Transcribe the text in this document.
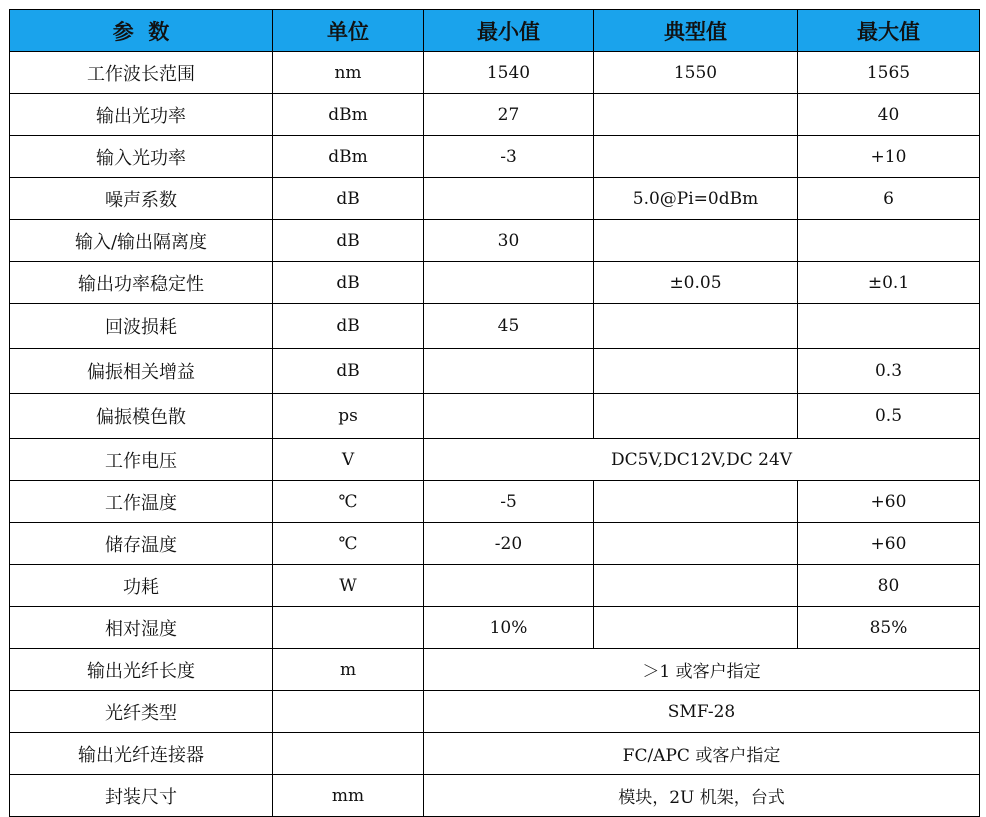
参  数	单位	最小值	典型值	最大值
工作波长范围	nm	1540	1550	1565
输出光功率	dBm	27		40
输入光功率	dBm	-3		+10
噪声系数	dB		5.0@Pi=0dBm	6
输入/输出隔离度	dB	30		
输出功率稳定性	dB		±0.05	±0.1
回波损耗	dB	45		
偏振相关增益	dB			0.3
偏振模色散	ps			0.5
工作电压	V	DC5V,DC12V,DC 24V		
工作温度	℃	-5		+60
储存温度	℃	-20		+60
功耗	W			80
相对湿度		10%		85%
输出光纤长度	m	＞1 或客户指定		
光纤类型		SMF-28		
输出光纤连接器		FC/APC 或客户指定		
封装尺寸	mm	模块，2U 机架，台式		
